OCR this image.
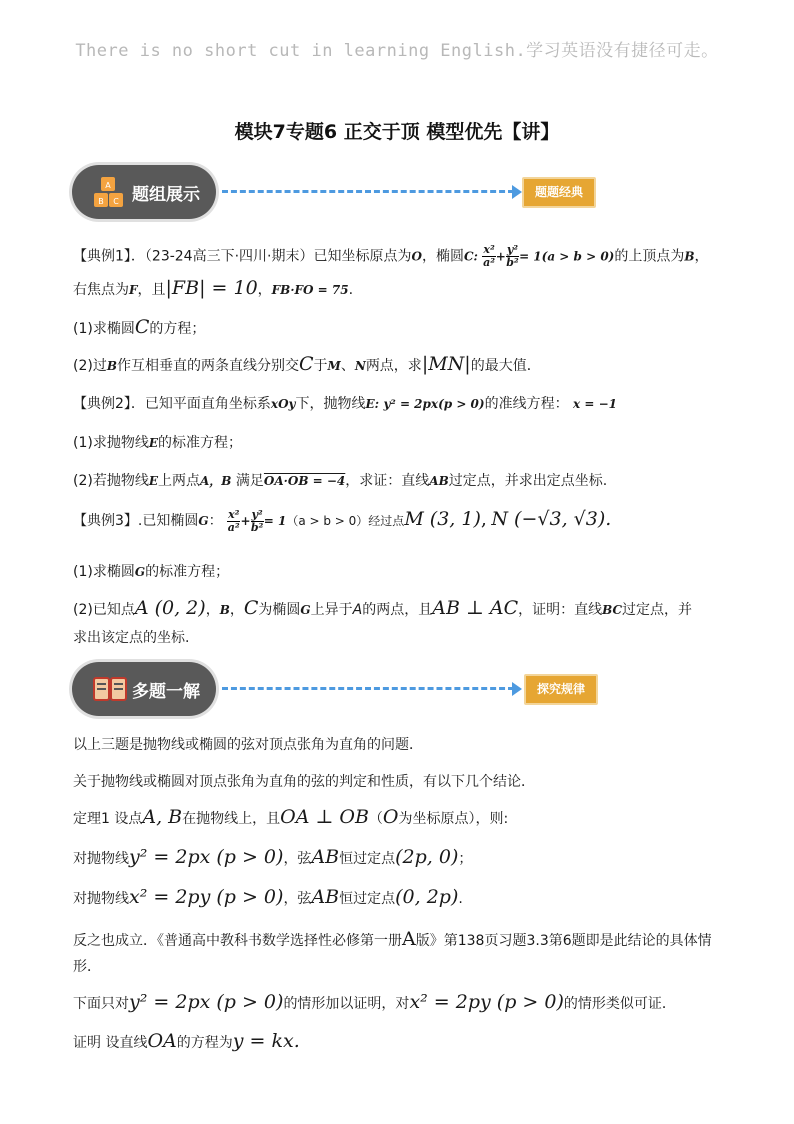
There is no short cut in learning English.学习英语没有捷径可走。
模块7专题6 正交于顶 模型优先【讲】
A
B C 题组展示	题题经典
【典例1】．（23-24高三下·四川·期末）已知坐标原点为O，椭圆C: $\frac{\text{x²}}{\text{a²}} + \frac{\text{y²}}{\text{b²}} = 1(a > b > 0)$的上顶点为B，
右焦点为F，且|FB| = 10，FB·FO = 75.
(1)求椭圆C的方程；
(2)过B作互相垂直的两条直线分别交C于M、N两点，求|MN|的最大值．
【典例2】．已知平面直角坐标系xOy下，抛物线E: y² = 2px(p > 0)的准线方程： x = −1
(1)求抛物线E的标准方程；
(2)若抛物线E上两点A，B 满足OA·OB = −4，求证：直线AB过定点，并求出定点坐标.
【典例3】.已知椭圆G： $\frac{\text{x²}}{\text{a²}} + \frac{\text{y²}}{\text{b²}} = 1(a > b > 0)$经过点M (3, 1), N (−√3, √3).
(1)求椭圆G的标准方程；
(2)已知点A (0, 2)，B，C为椭圆G上异于A的两点，且AB ⊥ AC，证明：直线BC过定点，并
求出该定点的坐标.
多题一解	探究规律
以上三题是抛物线或椭圆的弦对顶点张角为直角的问题．
关于抛物线或椭圆对顶点张角为直角的弦的判定和性质，有以下几个结论．
定理1 设点A, B在抛物线上，且OA ⊥ OB（O为坐标原点），则:
对抛物线y² = 2px (p > 0)，弦AB恒过定点(2p, 0)；
对抛物线x² = 2py (p > 0)，弦AB恒过定点(0, 2p).
反之也成立．《普通高中教科书数学选择性必修第一册A版》第138页习题3.3第6题即是此结论的具体情
形．
下面只对y² = 2px (p > 0)的情形加以证明，对x² = 2py (p > 0)的情形类似可证．
证明 设直线OA的方程为y = kx.
